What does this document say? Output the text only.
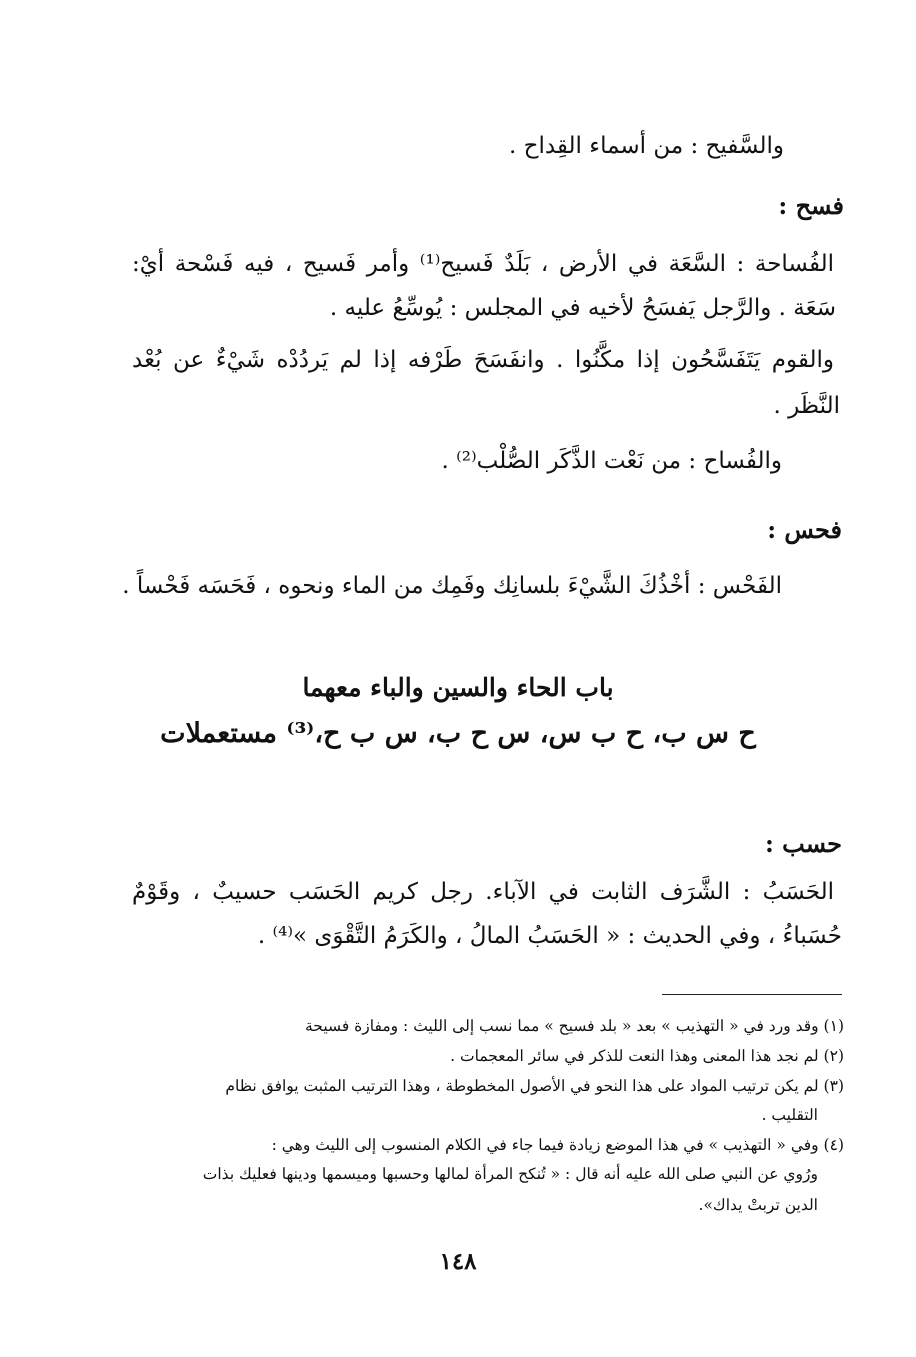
والسَّفيح : من أسماء القِداح .
فسح :
الفُساحة : السَّعَة في الأرض ، بَلَدٌ فَسيح⁽¹⁾ وأمر فَسيح ، فيه فَسْحة أيْ:
سَعَة . والرَّجل يَفسَحُ لأخيه في المجلس : يُوسِّعُ عليه .
والقوم يَتَفَسَّحُون إذا مكَّنُوا . وانفَسَحَ طَرْفه إذا لم يَردُدْه شَيْءٌ عن بُعْد
النَّظَر .
والفُساح : من نَعْت الذَّكَر الصُّلْب⁽²⁾ .
فحس :
الفَحْس : أخْذُكَ الشَّيْءَ بلسانِك وفَمِك من الماء ونحوه ، فَحَسَه فَحْساً .
باب الحاء والسين والباء معهما
ح س ب، ح ب س، س ح ب، س ب ح،⁽³⁾ مستعملات
حسب :
الحَسَبُ : الشَّرَف الثابت في الآباء. رجل كريم الحَسَب حسيبٌ ، وقَوْمٌ
حُسَباءُ ، وفي الحديث : « الحَسَبُ المالُ ، والكَرَمُ التَّقْوَى »⁽⁴⁾ .
(١) وقد ورد في « التهذيب » بعد « بلد فسيح » مما نسب إلى الليث : ومفازة فسيحة
(٢) لم نجد هذا المعنى وهذا النعت للذكر في سائر المعجمات .
(٣) لم يكن ترتيب المواد على هذا النحو في الأصول المخطوطة ، وهذا الترتيب المثبت يوافق نظام
التقليب .
(٤) وفي « التهذيب » في هذا الموضع زيادة فيما جاء في الكلام المنسوب إلى الليث وهي :
ورُوي عن النبي صلى الله عليه أنه قال : « تُنكح المرأة لمالها وحسبها وميسمها ودينها فعليك بذات
الدين تربتْ يداك».
١٤٨
